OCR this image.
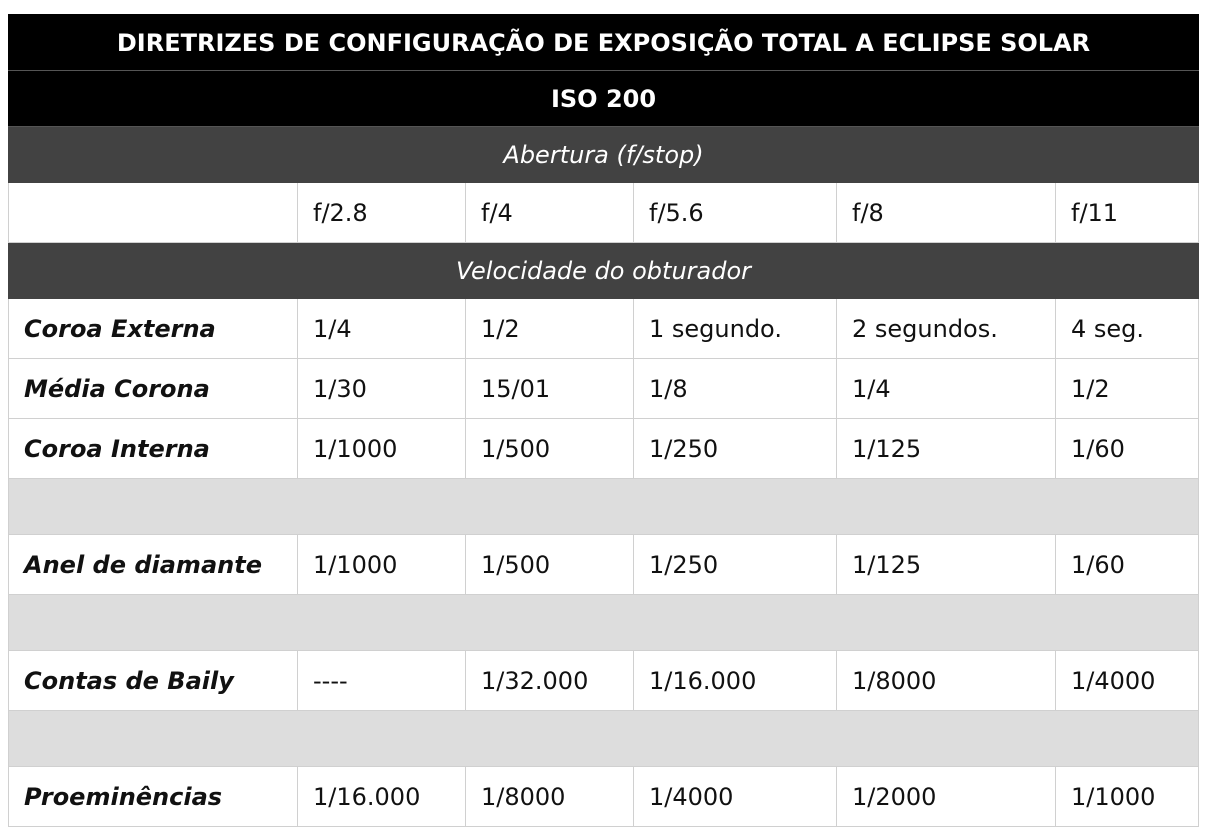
DIRETRIZES DE CONFIGURAÇÃO DE EXPOSIÇÃO TOTAL A ECLIPSE SOLAR					
ISO 200					
Abertura (f/stop)					
	f/2.8	f/4	f/5.6	f/8	f/11
Velocidade do obturador					
Coroa Externa	1/4	1/2	1 segundo.	2 segundos.	4 seg.
Média Corona	1/30	15/01	1/8	1/4	1/2
Coroa Interna	1/1000	1/500	1/250	1/125	1/60

Anel de diamante	1/1000	1/500	1/250	1/125	1/60

Contas de Baily	----	1/32.000	1/16.000	1/8000	1/4000

Proeminências	1/16.000	1/8000	1/4000	1/2000	1/1000
